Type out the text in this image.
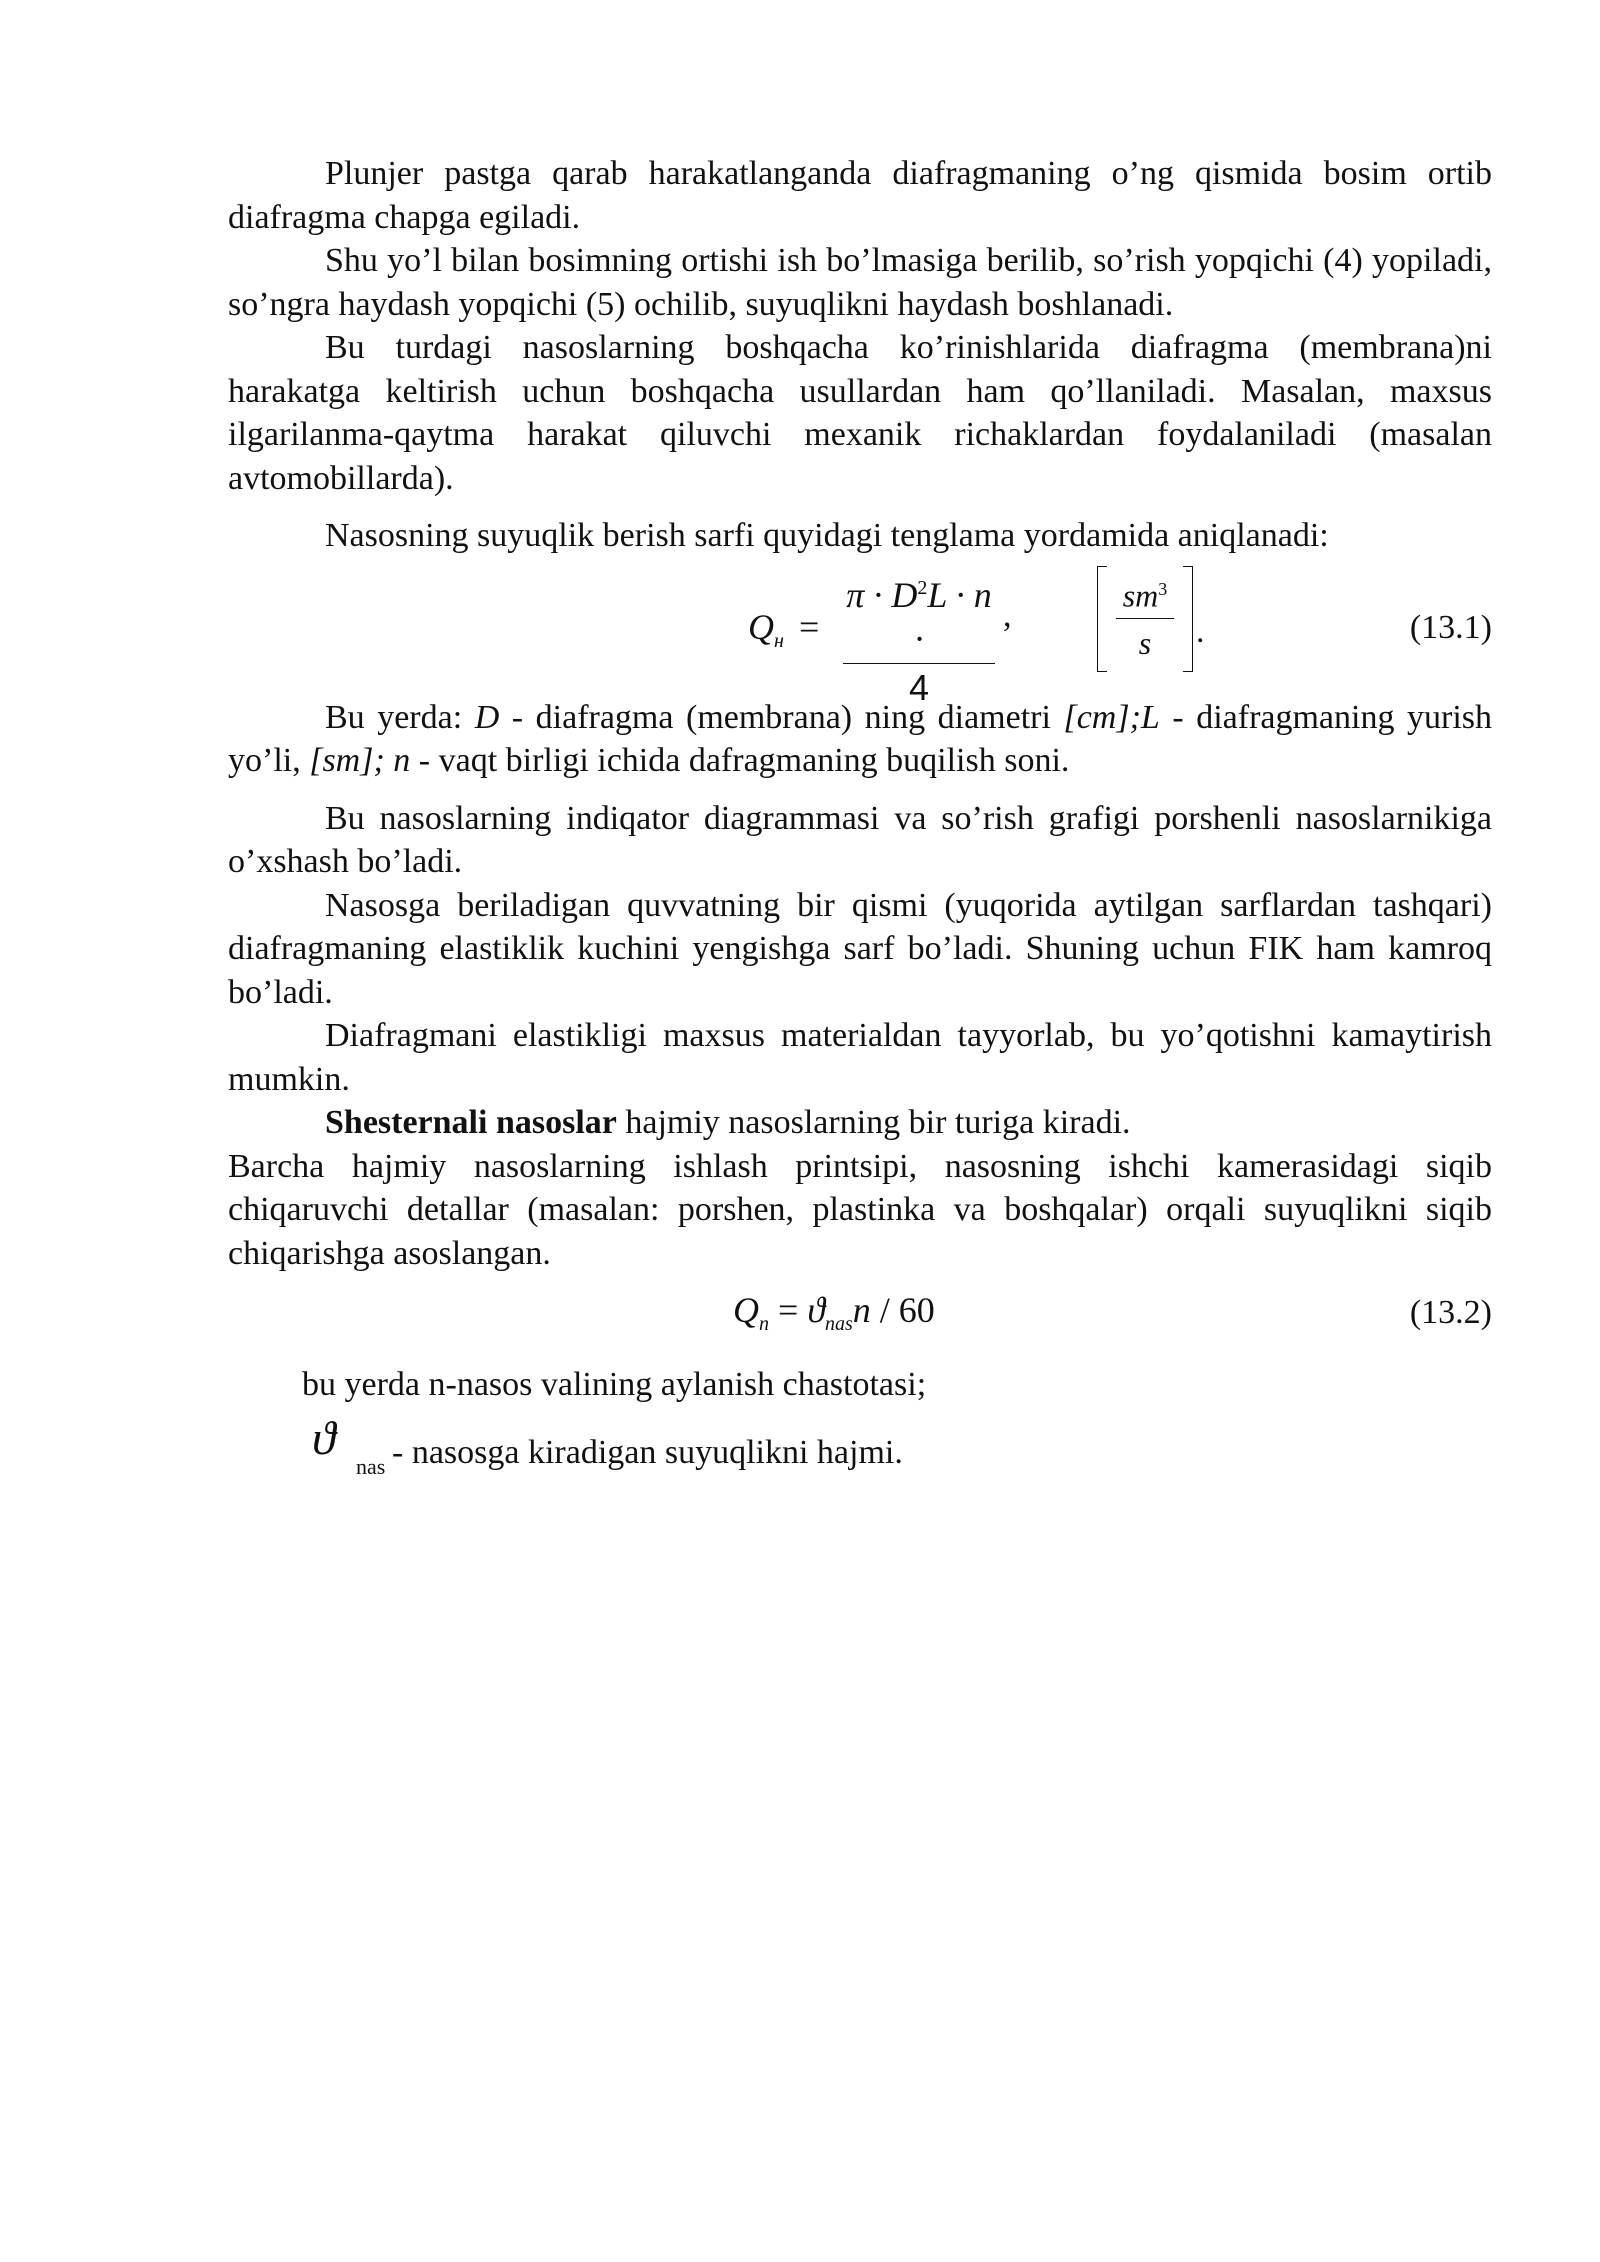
Plunjer pastga qarab harakatlanganda diafragmaning o’ng qismida bosim ortib diafragma chapga egiladi.

Shu yo’l bilan bosimning ortishi ish bo’lmasiga berilib, so’rish yopqichi (4) yopiladi, so’ngra haydash yopqichi (5) ochilib, suyuqlikni haydash boshlanadi.

Bu turdagi nasoslarning boshqacha ko’rinishlarida diafragma (membrana)ni harakatga keltirish uchun boshqacha usullardan ham qo’llaniladi. Masalan, maxsus ilgarilanma-qaytma harakat qiluvchi mexanik richaklardan foydalaniladi (masalan avtomobillarda).

Nasosning suyuqlik berish sarfi quyidagi tenglama yordamida aniqlanadi:

$Q_н$ =
$\pi \cdot D^2L \cdot n$ ·
4
,
$sm^3$
s	.	(13.1)

Bu yerda: D - diafragma (membrana) ning diametri [cm];L - diafragmaning yurish yo’li, [sm]; n - vaqt birligi ichida dafragmaning buqilish soni.

Bu nasoslarning indiqator diagrammasi va so’rish grafigi porshenli nasoslarnikiga o’xshash bo’ladi.

Nasosga beriladigan quvvatning bir qismi (yuqorida aytilgan sarflardan tashqari) diafragmaning elastiklik kuchini yengishga sarf bo’ladi. Shuning uchun FIK ham kamroq bo’ladi.

Diafragmani elastikligi maxsus materialdan tayyorlab, bu yo’qotishni kamaytirish mumkin.

Shesternali nasoslar hajmiy nasoslarning bir turiga kiradi.

Barcha hajmiy nasoslarning ishlash printsipi, nasosning ishchi kamerasidagi siqib chiqaruvchi detallar (masalan: porshen, plastinka va boshqalar) orqali suyuqlikni siqib chiqarishga asoslangan.

$Q_n = ϑ_{nas}n / 60$	(13.2)

bu yerda n-nasos valining aylanish chastotasi;

ϑ
nas - nasosga kiradigan suyuqlikni hajmi.
